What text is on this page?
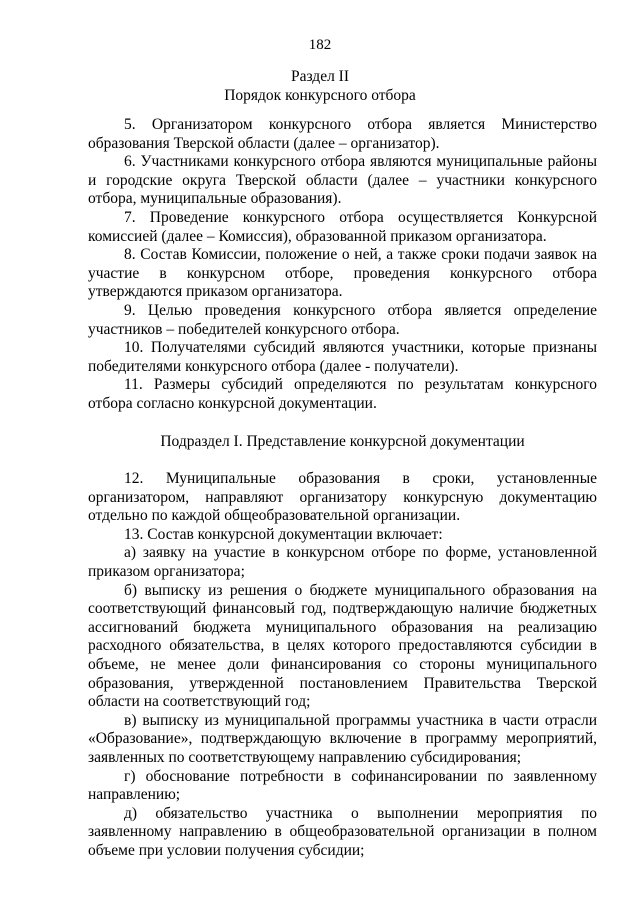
182
Раздел II
Порядок конкурсного отбора

5. Организатором конкурсного отбора является Министерство образования Тверской области (далее – организатор).

6. Участниками конкурсного отбора являются муниципальные районы и городские округа Тверской области (далее – участники конкурсного отбора, муниципальные образования).

7. Проведение конкурсного отбора осуществляется Конкурсной комиссией (далее – Комиссия), образованной приказом организатора.

8. Состав Комиссии, положение о ней, а также сроки подачи заявок на участие в конкурсном отборе, проведения конкурсного отбора утверждаются приказом организатора.

9. Целью проведения конкурсного отбора является определение участников – победителей конкурсного отбора.

10. Получателями субсидий являются участники, которые признаны победителями конкурсного отбора (далее - получатели).

11. Размеры субсидий определяются по результатам конкурсного отбора согласно конкурсной документации.

Подраздел I. Представление конкурсной документации

12. Муниципальные образования в сроки, установленные организатором, направляют организатору конкурсную документацию отдельно по каждой общеобразовательной организации.

13. Состав конкурсной документации включает:

а) заявку на участие в конкурсном отборе по форме, установленной приказом организатора;

б) выписку из решения о бюджете муниципального образования на соответствующий финансовый год, подтверждающую наличие бюджетных ассигнований бюджета муниципального образования на реализацию расходного обязательства, в целях которого предоставляются субсидии в объеме, не менее доли финансирования со стороны муниципального образования, утвержденной постановлением Правительства Тверской области на соответствующий год;

в) выписку из муниципальной программы участника в части отрасли «Образование», подтверждающую включение в программу мероприятий, заявленных по соответствующему направлению субсидирования;

г) обоснование потребности в софинансировании по заявленному направлению;

д) обязательство участника о выполнении мероприятия по заявленному направлению в общеобразовательной организации в полном объеме при условии получения субсидии;
